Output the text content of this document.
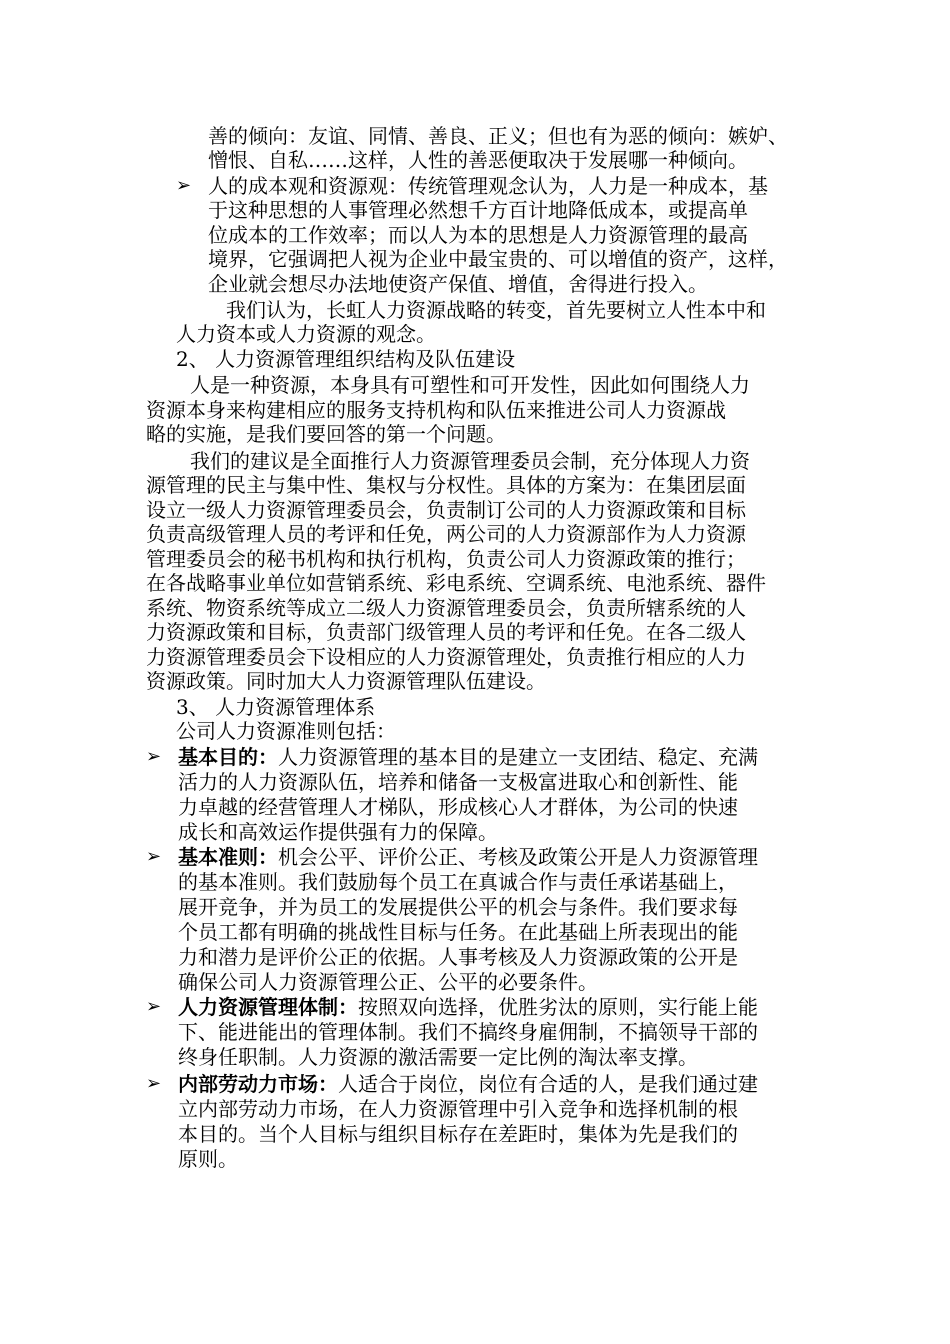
善的倾向：友谊、同情、善良、正义；但也有为恶的倾向：嫉妒、
憎恨、自私……这样，人性的善恶便取决于发展哪一种倾向。
➢ 人的成本观和资源观：传统管理观念认为，人力是一种成本，基
于这种思想的人事管理必然想千方百计地降低成本，或提高单
位成本的工作效率；而以人为本的思想是人力资源管理的最高
境界，它强调把人视为企业中最宝贵的、可以增值的资产，这样，
企业就会想尽办法地使资产保值、增值，舍得进行投入。
我们认为，长虹人力资源战略的转变，首先要树立人性本中和
人力资本或人力资源的观念。
2、 人力资源管理组织结构及队伍建设
人是一种资源，本身具有可塑性和可开发性，因此如何围绕人力
资源本身来构建相应的服务支持机构和队伍来推进公司人力资源战
略的实施，是我们要回答的第一个问题。
我们的建议是全面推行人力资源管理委员会制，充分体现人力资
源管理的民主与集中性、集权与分权性。具体的方案为：在集团层面
设立一级人力资源管理委员会，负责制订公司的人力资源政策和目标
负责高级管理人员的考评和任免，两公司的人力资源部作为人力资源
管理委员会的秘书机构和执行机构，负责公司人力资源政策的推行；
在各战略事业单位如营销系统、彩电系统、空调系统、电池系统、器件
系统、物资系统等成立二级人力资源管理委员会，负责所辖系统的人
力资源政策和目标，负责部门级管理人员的考评和任免。在各二级人
力资源管理委员会下设相应的人力资源管理处，负责推行相应的人力
资源政策。同时加大人力资源管理队伍建设。
3、 人力资源管理体系
公司人力资源准则包括：
➢ 基本目的：人力资源管理的基本目的是建立一支团结、稳定、充满
活力的人力资源队伍，培养和储备一支极富进取心和创新性、能
力卓越的经营管理人才梯队，形成核心人才群体，为公司的快速
成长和高效运作提供强有力的保障。
➢ 基本准则：机会公平、评价公正、考核及政策公开是人力资源管理
的基本准则。我们鼓励每个员工在真诚合作与责任承诺基础上，
展开竞争，并为员工的发展提供公平的机会与条件。我们要求每
个员工都有明确的挑战性目标与任务。在此基础上所表现出的能
力和潜力是评价公正的依据。人事考核及人力资源政策的公开是
确保公司人力资源管理公正、公平的必要条件。
➢ 人力资源管理体制：按照双向选择，优胜劣汰的原则，实行能上能
下、能进能出的管理体制。我们不搞终身雇佣制，不搞领导干部的
终身任职制。人力资源的激活需要一定比例的淘汰率支撑。
➢ 内部劳动力市场：人适合于岗位，岗位有合适的人，是我们通过建
立内部劳动力市场，在人力资源管理中引入竞争和选择机制的根
本目的。当个人目标与组织目标存在差距时，集体为先是我们的
原则。
